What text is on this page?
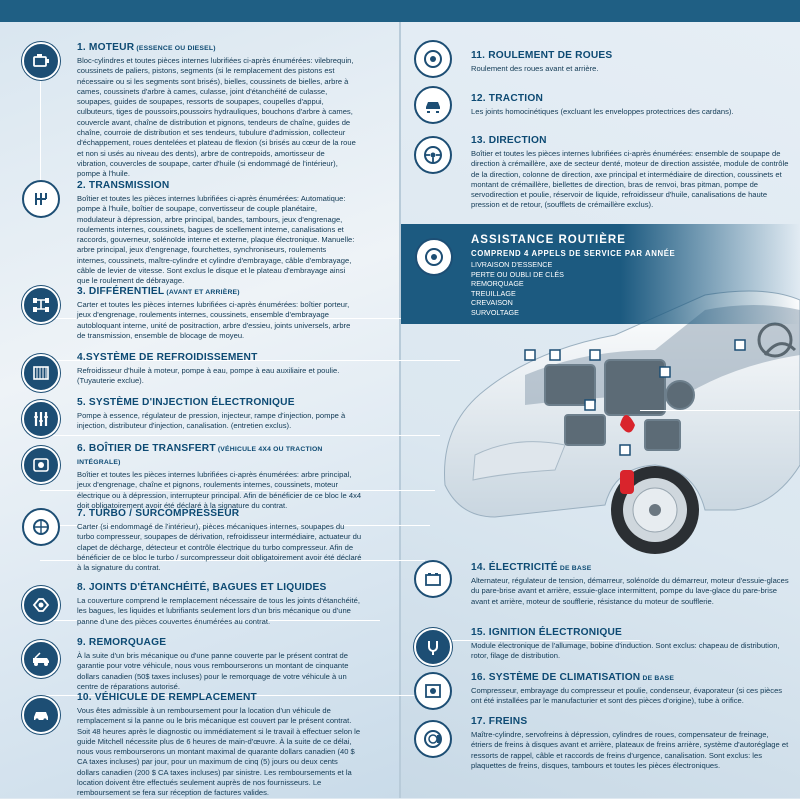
ASSISTANCE ROUTIÈRE
COMPREND 4 APPELS DE SERVICE PAR ANNÉE
LIVRAISON D'ESSENCE
PERTE OU OUBLI DE CLÉS
REMORQUAGE
TREUILLAGE
CREVAISON
SURVOLTAGE
1. MOTEUR (ESSENCE OU DIESEL)
Bloc-cylindres et toutes pièces internes lubrifiées ci-après énumérées: vilebrequin, coussinets de paliers, pistons, segments (si le remplacement des pistons est nécessaire ou si les segments sont brisés), bielles, coussinets de bielles, arbre à cames, coussinets d'arbre à cames, culasse, joint d'étanchéité de culasse, soupapes, guides de soupapes, ressorts de soupapes, coupelles d'appui, culbuteurs, tiges de poussoirs,poussoirs hydrauliques, bouchons d'arbre à cames, couvercle avant, chaîne de distribution et pignons, tendeurs de chaîne, guides de chaîne, courroie de distribution et ses tendeurs, tubulure d'admission, collecteur d'échappement, roues dentelées et plateau de flexion (si brisés au cœur de la roue et non si usés au niveau des dents), arbre de contrepoids, amortisseur de vibration, couvercles de soupape, carter d'huile (si endommagé de l'intérieur), pompe à l'huile.
2. TRANSMISSION
Boîtier et toutes les pièces internes lubrifiées ci-après énumérées: Automatique: pompe à l'huile, boîtier de soupape, convertisseur de couple planétaire, modulateur à dépression, arbre principal, bandes, tambours, jeux d'engrenage, roulements internes, coussinets, bagues de scellement interne, canalisations et raccords, gouverneur, solénoïde interne et externe, plaque électronique. Manuelle: arbre principal, jeux d'engrenage, fourchettes, synchroniseurs, roulements internes, coussinets, maître-cylindre et cylindre d'embrayage, câble d'embrayage, câble de levier de vitesse. Sont exclus le disque et le plateau d'embrayage ainsi que le roulement de débrayage.
3. DIFFÉRENTIEL (AVANT ET ARRIÈRE)
Carter et toutes les pièces internes lubrifiées ci-après énumérées: boîtier porteur, jeux d'engrenage, roulements internes, coussinets, ensemble d'embrayage autobloquant interne, unité de positraction, arbre d'essieu, joints universels, arbre de transmission, ensemble de blocage de moyeu.
4.SYSTÈME DE REFROIDISSEMENT
Refroidisseur d'huile à moteur, pompe à eau, pompe à eau auxiliaire et poulie. (Tuyauterie exclue).
5. SYSTÈME D'INJECTION ÉLECTRONIQUE
Pompe à essence, régulateur de pression, injecteur, rampe d'injection, pompe à injection, distributeur d'injection, canalisation. (entretien exclus).
6. BOÎTIER DE TRANSFERT (VÉHICULE 4X4 OU TRACTION INTÉGRALE)
Boîtier et toutes les pièces internes lubrifiées ci-après énumérées: arbre principal, jeux d'engrenage, chaîne et pignons, roulements internes, coussinets, moteur électrique ou à dépression, interrupteur principal. Afin de bénéficier de ce bloc le 4x4 doit obligatoirement avoir été déclaré à la signature du contrat.
7. TURBO / SURCOMPRESSEUR
Carter (si endommagé de l'intérieur), pièces mécaniques internes, soupapes du turbo compresseur, soupapes de dérivation, refroidisseur intermédiaire, actuateur du clapet de décharge, détecteur et contrôle électrique du turbo compresseur. Afin de bénéficier de ce bloc le turbo / surcompresseur doit obligatoirement avoir été déclaré à la signature du contrat.
8. JOINTS D'ÉTANCHÉITÉ, BAGUES ET LIQUIDES
La couverture comprend le remplacement nécessaire de tous les joints d'étanchéité, les bagues, les liquides et lubrifiants seulement lors d'un bris mécanique ou d'une panne d'une des pièces couvertes énumérées au contrat.
9. REMORQUAGE
À la suite d'un bris mécanique ou d'une panne couverte par le présent contrat de garantie pour votre véhicule, nous vous rembourserons un montant de cinquante dollars canadien (50$ taxes incluses) pour le remorquage de votre véhicule à un centre de réparations autorisé.
10. VÉHICULE DE REMPLACEMENT
Vous êtes admissible à un remboursement pour la location d'un véhicule de remplacement si la panne ou le bris mécanique est couvert par le présent contrat. Soit 48 heures après le diagnostic ou immédiatement si le travail à effectuer selon le guide Mitchell nécessite plus de 6 heures de main-d'œuvre. À la suite de ce délai, nous vous rembourserons un montant maximal de quarante dollars canadien (40 $ CA taxes incluses) par jour, pour un maximum de cinq (5) jours ou deux cents dollars canadien (200 $ CA taxes incluses) par sinistre. Les remboursements et la location doivent être effectués seulement auprès de nos fournisseurs. Le remboursement se fera sur réception de factures valides.
11. ROULEMENT DE ROUES
Roulement des roues avant et arrière.
12. TRACTION
Les joints homocinétiques (excluant les enveloppes protectrices des cardans).
13. DIRECTION
Boîtier et toutes les pièces internes lubrifiées ci-après énumérées: ensemble de soupape de direction à crémaillère, axe de secteur denté, moteur de direction assistée, module de contrôle de la direction, colonne de direction, axe principal et intermédiaire de direction, coussinets et montant de crémaillère, biellettes de direction, bras de renvoi, bras pitman, pompe de servodirection et poulie, réservoir de liquide, refroidisseur d'huile, canalisations de haute pression et de retour, (soufflets de crémaillère exclus).
14. ÉLECTRICITÉ DE BASE
Alternateur, régulateur de tension, démarreur, solénoïde du démarreur, moteur d'essuie-glaces du pare-brise avant et arrière, essuie-glace intermittent, pompe du lave-glace du pare-brise avant et arrière, moteur de soufflerie, résistance du moteur de soufflerie.
15. IGNITION ÉLECTRONIQUE
Module électronique de l'allumage, bobine d'induction. Sont exclus: chapeau de distribution, rotor, filage de distribution.
16. SYSTÈME DE CLIMATISATION DE BASE
Compresseur, embrayage du compresseur et poulie, condenseur, évaporateur (si ces pièces ont été installées par le manufacturier et sont des pièces d'origine), tube à orifice.
17. FREINS
Maître-cylindre, servofreins à dépression, cylindres de roues, compensateur de freinage, étriers de freins à disques avant et arrière, plateaux de freins arrière, système d'autoréglage et ressorts de rappel, câble et raccords de freins d'urgence, canalisation. Sont exclus: les plaquettes de freins, disques, tambours et toutes les pièces électroniques.
